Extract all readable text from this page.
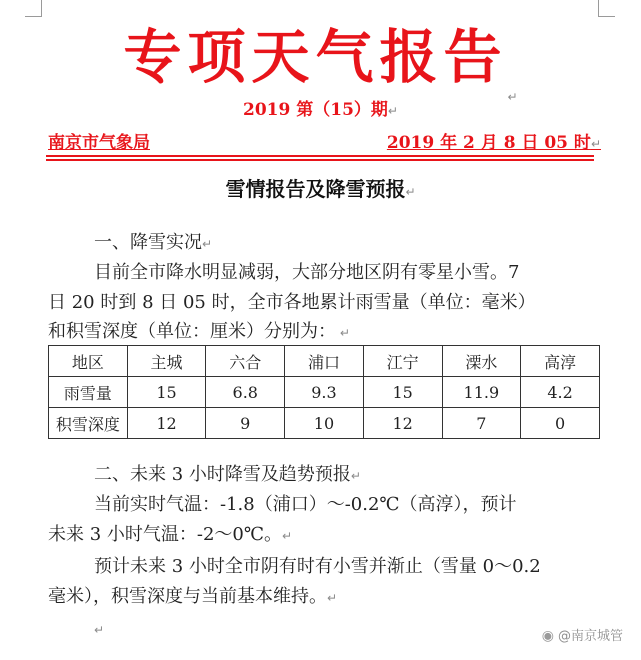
专项天气报告$_↵$
2019 第（15）期↵
南京市气象局	2019 年 2 月 8 日 05 时↵
雪情报告及降雪预报↵

一、降雪实况↵

目前全市降水明显减弱，大部分地区阴有零星小雪。7

日 20 时到 8 日 05 时，全市各地累计雨雪量（单位：毫米）

和积雪深度（单位：厘米）分别为： ↵

地区	主城	六合	浦口	江宁	溧水	高淳
雨雪量	15	6.8	9.3	15	11.9	4.2
积雪深度	12	9	10	12	7	0

二、未来 3 小时降雪及趋势预报↵

当前实时气温：-1.8（浦口）～-0.2℃（高淳），预计

未来 3 小时气温：-2～0℃。↵

预计未来 3 小时全市阴有时有小雪并渐止（雪量 0～0.2

毫米），积雪深度与当前基本维持。↵

↵	◉ @南京城管
